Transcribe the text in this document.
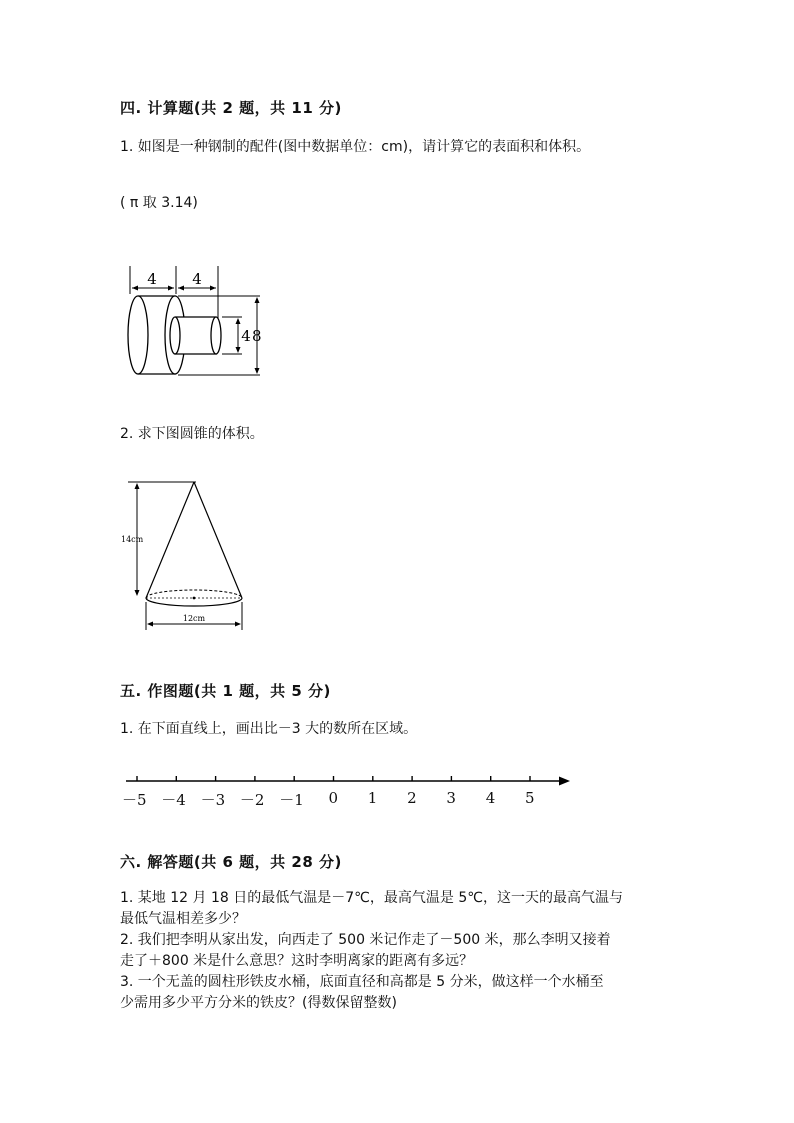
四. 计算题(共 2 题，共 11 分)
1. 如图是一种钢制的配件(图中数据单位：cm)，请计算它的表面积和体积。
( π 取 3.14)
4 4
4 8
2. 求下图圆锥的体积。
14cm
12cm
五. 作图题(共 1 题，共 5 分)
1. 在下面直线上，画出比－3 大的数所在区域。
－5 －4 －3 －2 －1 0 1 2 3 4 5
六. 解答题(共 6 题，共 28 分)
1. 某地 12 月 18 日的最低气温是－7℃，最高气温是 5℃，这一天的最高气温与
最低气温相差多少？
2. 我们把李明从家出发，向西走了 500 米记作走了－500 米，那么李明又接着
走了＋800 米是什么意思？这时李明离家的距离有多远？
3. 一个无盖的圆柱形铁皮水桶，底面直径和高都是 5 分米，做这样一个水桶至
少需用多少平方分米的铁皮？(得数保留整数)
